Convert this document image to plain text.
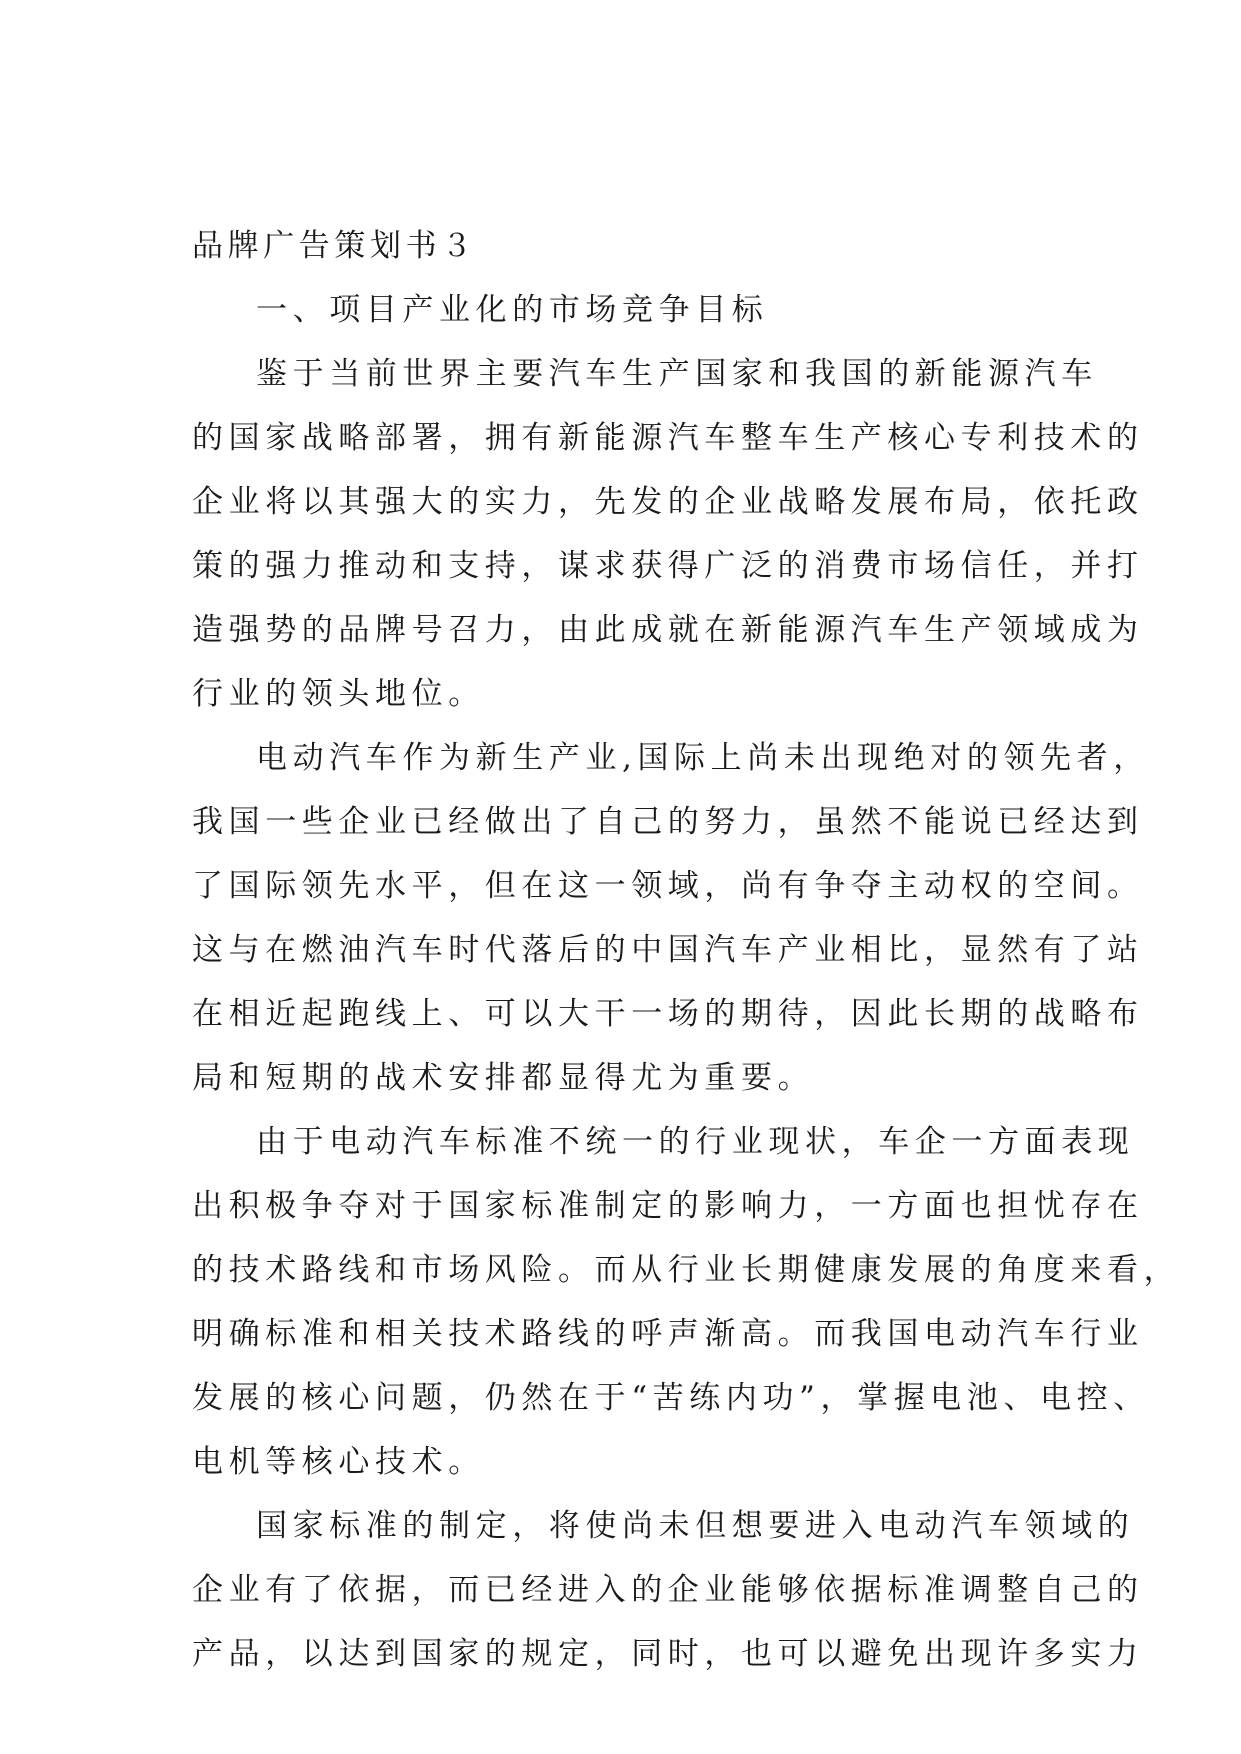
品牌广告策划书３

一、项目产业化的市场竞争目标

鉴于当前世界主要汽车生产国家和我国的新能源汽车

的国家战略部署，拥有新能源汽车整车生产核心专利技术的

企业将以其强大的实力，先发的企业战略发展布局，依托政

策的强力推动和支持，谋求获得广泛的消费市场信任，并打

造强势的品牌号召力，由此成就在新能源汽车生产领域成为

行业的领头地位。

电动汽车作为新生产业,国际上尚未出现绝对的领先者，

我国一些企业已经做出了自己的努力，虽然不能说已经达到

了国际领先水平，但在这一领域，尚有争夺主动权的空间。

这与在燃油汽车时代落后的中国汽车产业相比，显然有了站

在相近起跑线上、可以大干一场的期待，因此长期的战略布

局和短期的战术安排都显得尤为重要。

由于电动汽车标准不统一的行业现状，车企一方面表现

出积极争夺对于国家标准制定的影响力，一方面也担忧存在

的技术路线和市场风险。而从行业长期健康发展的角度来看，

明确标准和相关技术路线的呼声渐高。而我国电动汽车行业

发展的核心问题，仍然在于“苦练内功”，掌握电池、电控、

电机等核心技术。

国家标准的制定，将使尚未但想要进入电动汽车领域的

企业有了依据，而已经进入的企业能够依据标准调整自己的

产品，以达到国家的规定，同时，也可以避免出现许多实力
